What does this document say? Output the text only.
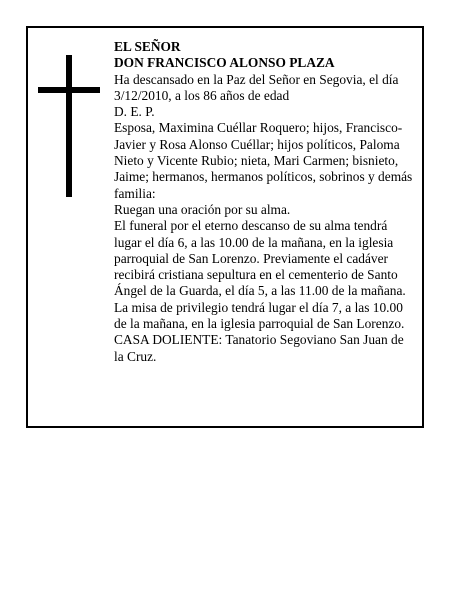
EL SEÑOR

DON FRANCISCO ALONSO PLAZA

Ha descansado en la Paz del Señor en Segovia, el día 3/12/2010, a los 86 años de edad

D. E. P.

Esposa, Maximina Cuéllar Roquero; hijos, Francisco-Javier y Rosa Alonso Cuéllar; hijos políticos, Paloma Nieto y Vicente Rubio; nieta, Mari Carmen; bisnieto, Jaime; hermanos, hermanos políticos, sobrinos y demás familia:

Ruegan una oración por su alma.

El funeral por el eterno descanso de su alma tendrá lugar el día 6, a las 10.00 de la mañana, en la iglesia parroquial de San Lorenzo. Previamente el cadáver recibirá cristiana sepultura en el cementerio de Santo Ángel de la Guarda, el día 5, a las 11.00 de la mañana.

La misa de privilegio tendrá lugar el día 7, a las 10.00 de la mañana, en la iglesia parroquial de San Lorenzo.

CASA DOLIENTE: Tanatorio Segoviano San Juan de la Cruz.
